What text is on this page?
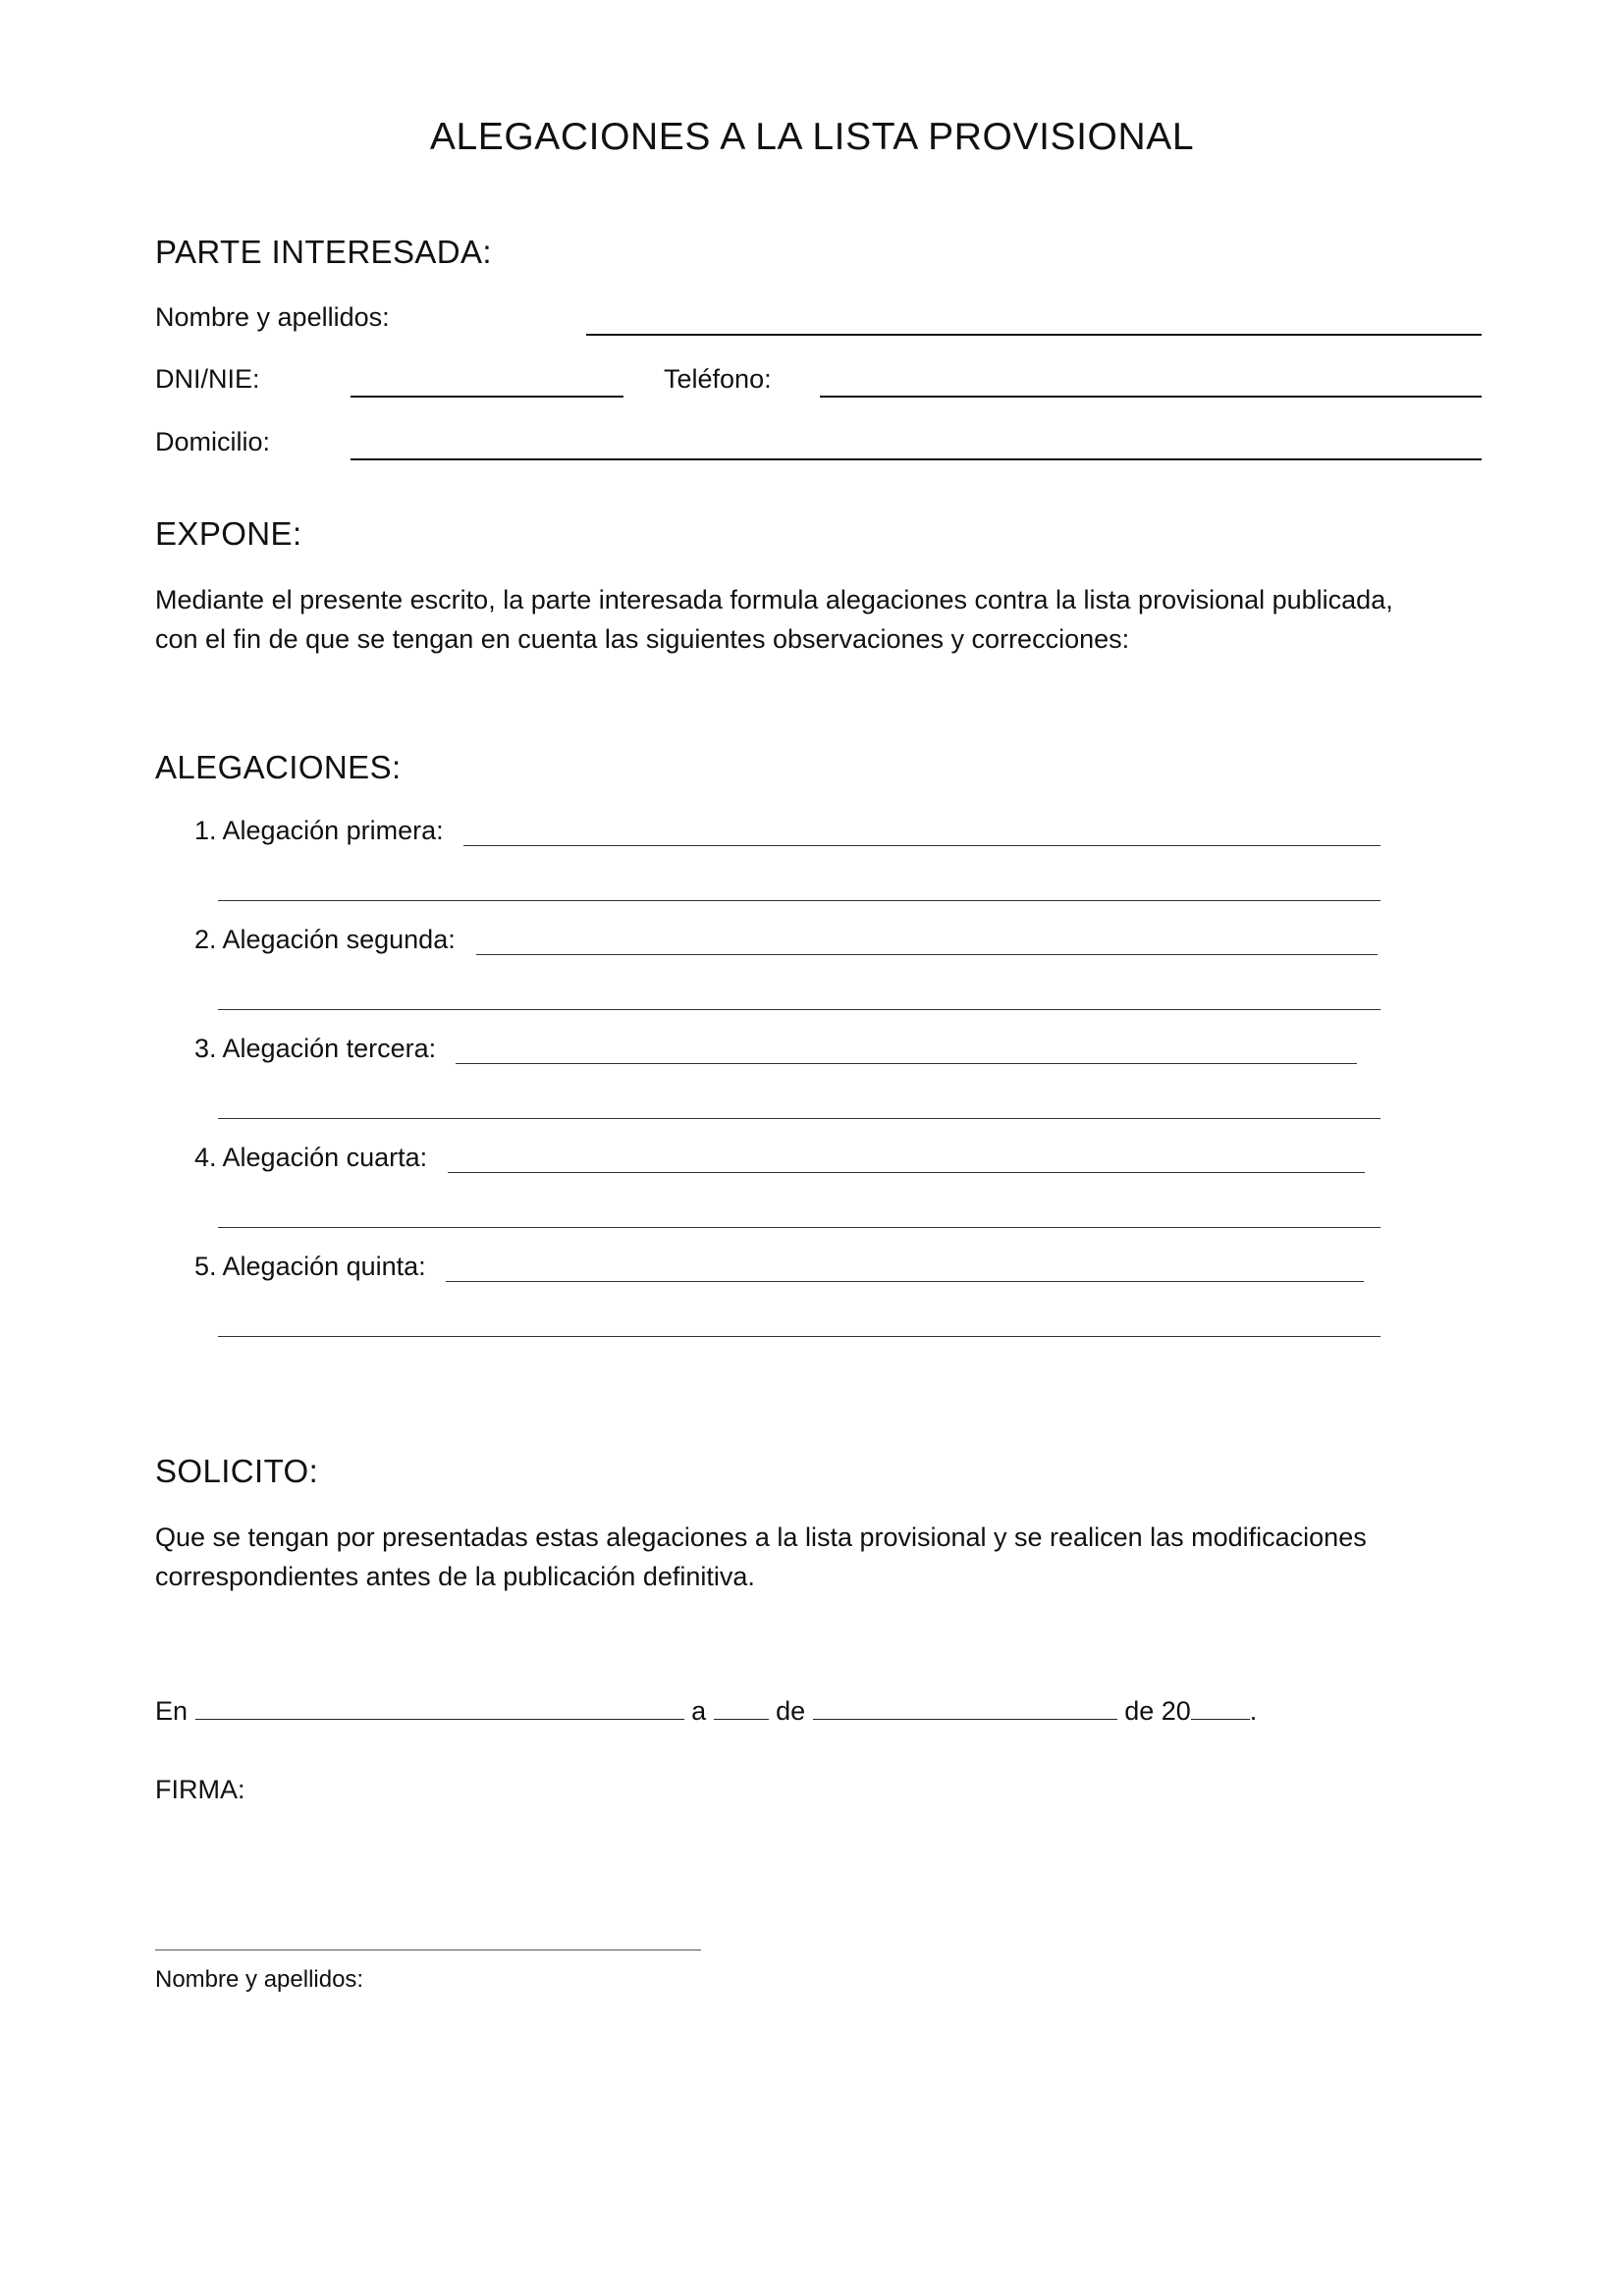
ALEGACIONES A LA LISTA PROVISIONAL
PARTE INTERESADA:
Nombre y apellidos:
DNI/NIE:	Teléfono:
Domicilio:
EXPONE:
Mediante el presente escrito, la parte interesada formula alegaciones contra la lista provisional publicada,
con el fin de que se tengan en cuenta las siguientes observaciones y correcciones:
ALEGACIONES:
1. Alegación primera:
2. Alegación segunda:
3. Alegación tercera:
4. Alegación cuarta:
5. Alegación quinta:
SOLICITO:
Que se tengan por presentadas estas alegaciones a la lista provisional y se realicen las modificaciones
correspondientes antes de la publicación definitiva.
En	a	de	de 20 .
FIRMA:
Nombre y apellidos:
